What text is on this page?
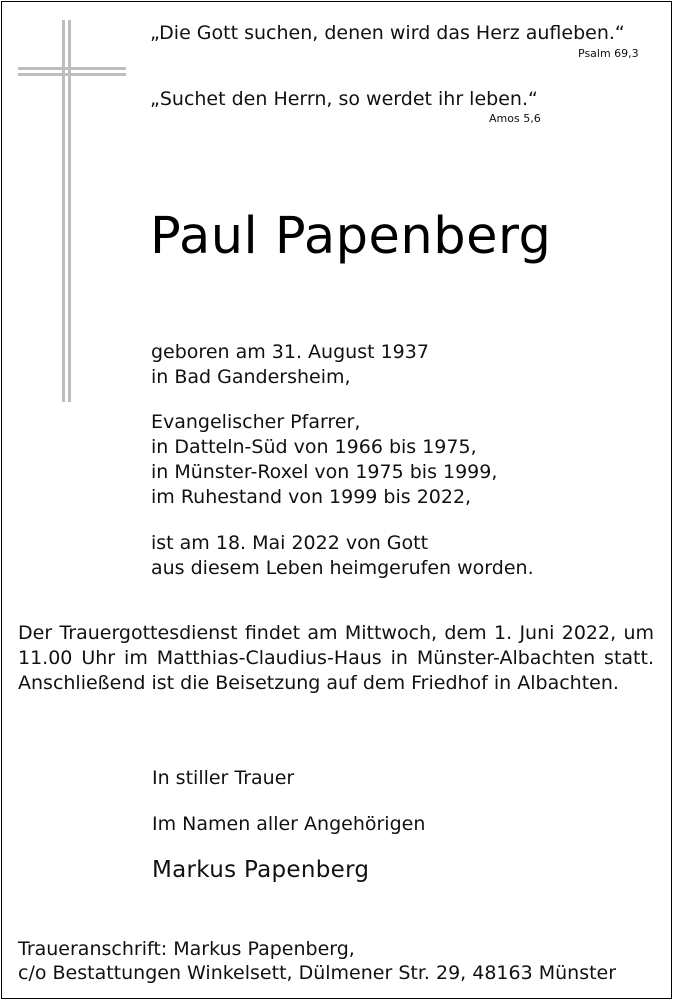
„Die Gott suchen, denen wird das Herz aufleben.“
Psalm 69,3
„Suchet den Herrn, so werdet ihr leben.“
Amos 5,6
Paul Papenberg
geboren am 31. August 1937
in Bad Gandersheim,
Evangelischer Pfarrer,
in Datteln-Süd von 1966 bis 1975,
in Münster-Roxel von 1975 bis 1999,
im Ruhestand von 1999 bis 2022,
ist am 18. Mai 2022 von Gott
aus diesem Leben heimgerufen worden.
Der Trauergottesdienst findet am Mittwoch, dem 1. Juni 2022, um 11.00 Uhr im Matthias-Claudius-Haus in Münster-Albachten statt. Anschließend ist die Beisetzung auf dem Friedhof in Albachten.
In stiller Trauer
Im Namen aller Angehörigen
Markus Papenberg
Traueranschrift: Markus Papenberg,
c/o Bestattungen Winkelsett, Dülmener Str. 29, 48163 Münster
